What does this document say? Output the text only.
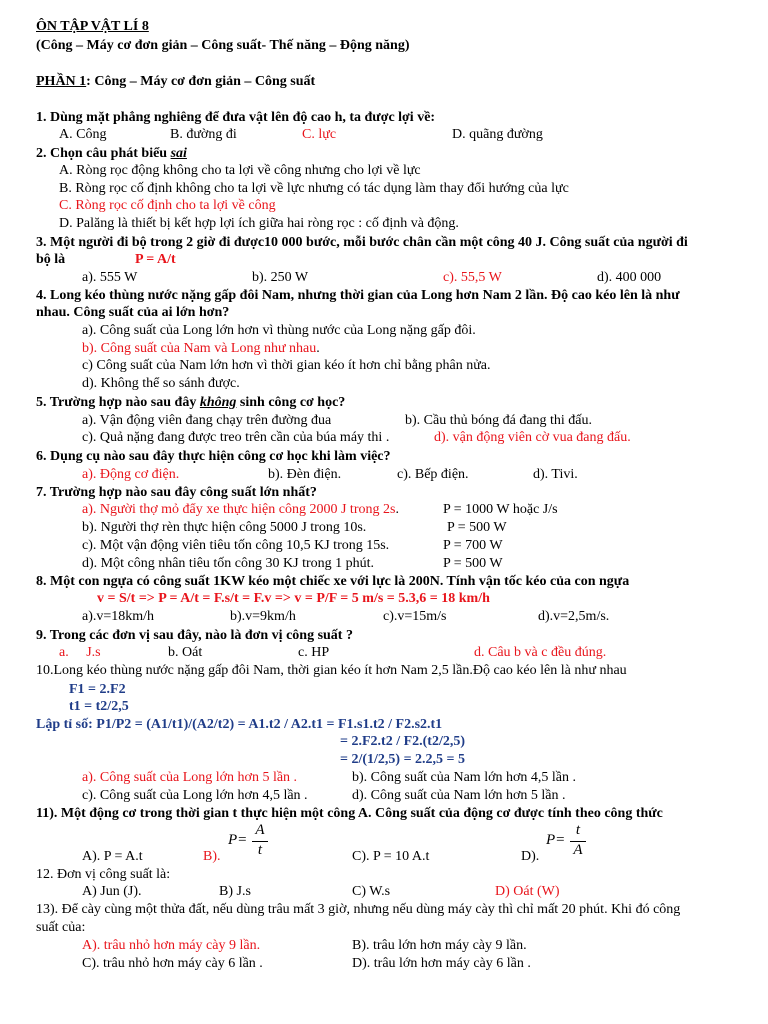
ÔN TẬP VẬT LÍ 8
(Công – Máy cơ đơn giản – Công suất- Thế năng – Động năng)
PHẦN 1: Công – Máy cơ đơn giản – Công suất
1. Dùng mặt phẳng nghiêng để đưa vật lên độ cao h, ta được lợi về:
A. Công	B. đường đi	C. lực	D. quãng đường
2. Chọn câu phát biểu sai
A. Ròng rọc động không cho ta lợi về công nhưng cho lợi về lực
B. Ròng rọc cố định không cho ta lợi về lực nhưng có tác dụng làm thay đổi hướng của lực
C. Ròng rọc cố định cho ta lợi về công
D. Palăng là thiết bị kết hợp lợi ích giữa hai ròng rọc : cố định và động.
3. Một người đi bộ trong 2 giờ đi được10 000 bước, mỗi bước chân cần một công 40 J. Công suất của người đi
bộ là	P = A/t
a). 555 W	b). 250 W	c). 55,5 W	d). 400 000
4. Long kéo thùng nước nặng gấp đôi Nam, nhưng thời gian của Long hơn Nam 2 lần. Độ cao kéo lên là như
nhau. Công suất của ai lớn hơn?
a). Công suất của Long lớn hơn vì thùng nước của Long nặng gấp đôi.
b). Công suất của Nam và Long như nhau.
c) Công suất của Nam lớn hơn vì thời gian kéo ít hơn chỉ bằng phân nửa.
d). Không thể so sánh được.
5. Trường hợp nào sau đây không sinh công cơ học?
a). Vận động viên đang chạy trên đường đua	b). Cầu thủ bóng đá đang thi đấu.
c). Quả nặng đang được treo trên cần của búa máy thi .	d). vận động viên cờ vua đang đấu.
6. Dụng cụ nào sau đây thực hiện công cơ học khi làm việc?
a). Động cơ điện.	b). Đèn điện.	c). Bếp điện.	d). Tivi.
7. Trường hợp nào sau đây công suất lớn nhất?
a). Người thợ mỏ đẩy xe thực hiện công 2000 J trong 2s.	P = 1000 W hoặc J/s
b). Người thợ rèn thực hiện công 5000 J trong 10s.	P = 500 W
c). Một vận động viên tiêu tốn công 10,5 KJ trong 15s.	P = 700 W
d). Một công nhân tiêu tốn công 30 KJ trong 1 phút.	P = 500 W
8. Một con ngựa có công suất 1KW kéo một chiếc xe với lực là 200N. Tính vận tốc kéo của con ngựa
v = S/t => P = A/t = F.s/t = F.v => v = P/F = 5 m/s = 5.3,6 = 18 km/h
a).v=18km/h	b).v=9km/h	c).v=15m/s	d).v=2,5m/s.
9. Trong các đơn vị sau đây, nào là đơn vị công suất ?
a.     J.s	b. Oát	c. HP	d. Câu b và c đều đúng.
10.Long kéo thùng nước nặng gấp đôi Nam, thời gian kéo ít hơn Nam 2,5 lần.Độ cao kéo lên là như nhau
F1 = 2.F2
t1 = t2/2,5
Lập tỉ số: P1/P2 = (A1/t1)/(A2/t2) = A1.t2 / A2.t1 = F1.s1.t2 / F2.s2.t1
= 2.F2.t2 / F2.(t2/2,5)
= 2/(1/2,5) = 2.2,5 = 5
a). Công suất của Long lớn hơn 5 lần .	b). Công suất của Nam lớn hơn 4,5 lần .
c). Công suất của Long lớn hơn 4,5 lần .	d). Công suất của Nam lớn hơn 5 lần .
11). Một động cơ trong thời gian t thực hiện một công A. Công suất của động cơ được tính theo công thức
A). P = A.t	B).
P=
A
t	C). P = 10 A.t	D).
P=
t
A
12. Đơn vị công suất là:
A) Jun (J).	B) J.s	C) W.s	D) Oát (W)
13). Để cày cùng một thửa đất, nếu dùng trâu mất 3 giờ, nhưng nếu dùng máy cày thì chỉ mất 20 phút. Khi đó công
suất của:
A). trâu nhỏ hơn máy cày 9 lần.	B). trâu lớn hơn máy cày 9 lần.
C). trâu nhỏ hơn máy cày 6 lần .	D). trâu lớn hơn máy cày 6 lần .
